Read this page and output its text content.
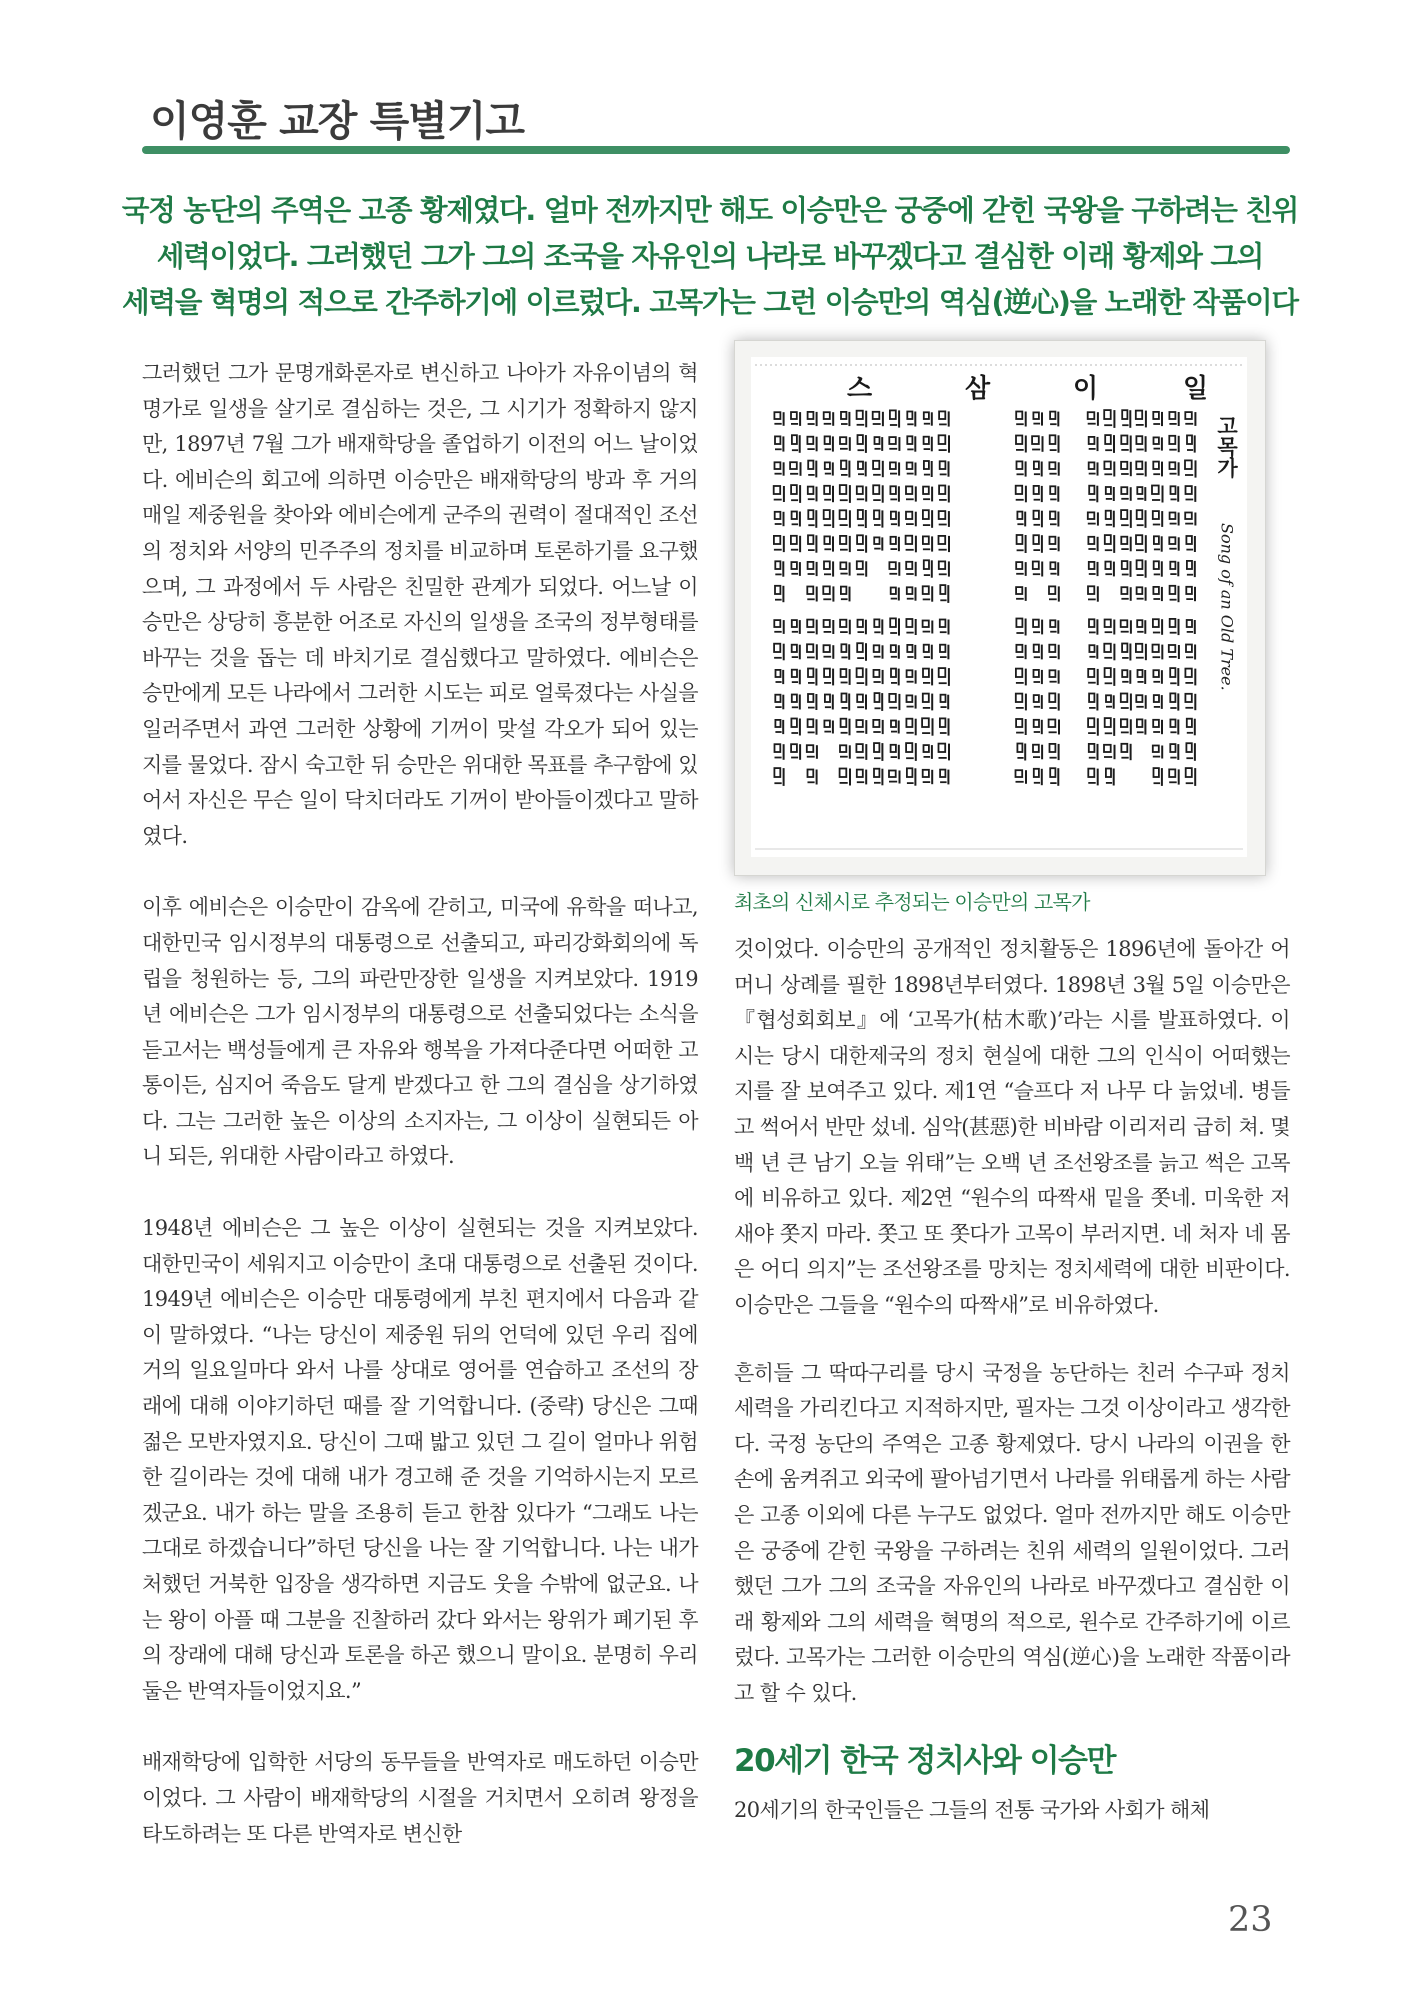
이영훈 교장 특별기고

국정 농단의 주역은 고종 황제였다. 얼마 전까지만 해도 이승만은 궁중에 갇힌 국왕을 구하려는 친위

세력이었다. 그러했던 그가 그의 조국을 자유인의 나라로 바꾸겠다고 결심한 이래 황제와 그의

세력을 혁명의 적으로 간주하기에 이르렀다. 고목가는 그런 이승만의 역심(逆心)을 노래한 작품이다

그러했던 그가 문명개화론자로 변신하고 나아가 자유이념의 혁명가로 일생을 살기로 결심하는 것은, 그 시기가 정확하지 않지만, 1897년 7월 그가 배재학당을 졸업하기 이전의 어느 날이었다. 에비슨의 회고에 의하면 이승만은 배재학당의 방과 후 거의 매일 제중원을 찾아와 에비슨에게 군주의 권력이 절대적인 조선의 정치와 서양의 민주주의 정치를 비교하며 토론하기를 요구했으며, 그 과정에서 두 사람은 친밀한 관계가 되었다. 어느날 이승만은 상당히 흥분한 어조로 자신의 일생을 조국의 정부형태를 바꾸는 것을 돕는 데 바치기로 결심했다고 말하였다. 에비슨은 승만에게 모든 나라에서 그러한 시도는 피로 얼룩졌다는 사실을 일러주면서 과연 그러한 상황에 기꺼이 맞설 각오가 되어 있는지를 물었다. 잠시 숙고한 뒤 승만은 위대한 목표를 추구함에 있어서 자신은 무슨 일이 닥치더라도 기꺼이 받아들이겠다고 말하였다.

이후 에비슨은 이승만이 감옥에 갇히고, 미국에 유학을 떠나고, 대한민국 임시정부의 대통령으로 선출되고, 파리강화회의에 독립을 청원하는 등, 그의 파란만장한 일생을 지켜보았다. 1919년 에비슨은 그가 임시정부의 대통령으로 선출되었다는 소식을 듣고서는 백성들에게 큰 자유와 행복을 가져다준다면 어떠한 고통이든, 심지어 죽음도 달게 받겠다고 한 그의 결심을 상기하였다. 그는 그러한 높은 이상의 소지자는, 그 이상이 실현되든 아니 되든, 위대한 사람이라고 하였다.

1948년 에비슨은 그 높은 이상이 실현되는 것을 지켜보았다. 대한민국이 세워지고 이승만이 초대 대통령으로 선출된 것이다. 1949년 에비슨은 이승만 대통령에게 부친 편지에서 다음과 같이 말하였다. “나는 당신이 제중원 뒤의 언덕에 있던 우리 집에 거의 일요일마다 와서 나를 상대로 영어를 연습하고 조선의 장래에 대해 이야기하던 때를 잘 기억합니다. (중략) 당신은 그때 젊은 모반자였지요. 당신이 그때 밟고 있던 그 길이 얼마나 위험한 길이라는 것에 대해 내가 경고해 준 것을 기억하시는지 모르겠군요. 내가 하는 말을 조용히 듣고 한참 있다가 “그래도 나는 그대로 하겠습니다”하던 당신을 나는 잘 기억합니다. 나는 내가 처했던 거북한 입장을 생각하면 지금도 웃을 수밖에 없군요. 나는 왕이 아플 때 그분을 진찰하러 갔다 와서는 왕위가 폐기된 후의 장래에 대해 당신과 토론을 하곤 했으니 말이요. 분명히 우리 둘은 반역자들이었지요.”

배재학당에 입학한 서당의 동무들을 반역자로 매도하던 이승만이었다. 그 사람이 배재학당의 시절을 거치면서 오히려 왕정을 타도하려는 또 다른 반역자로 변신한

스	삼	이	일
고목가
Song of an Old Tree.
최초의 신체시로 추정되는 이승만의 고목가

것이었다. 이승만의 공개적인 정치활동은 1896년에 돌아간 어머니 상례를 필한 1898년부터였다. 1898년 3월 5일 이승만은 『협성회회보』에 ‘고목가(枯木歌)’라는 시를 발표하였다. 이 시는 당시 대한제국의 정치 현실에 대한 그의 인식이 어떠했는지를 잘 보여주고 있다. 제1연 “슬프다 저 나무 다 늙었네. 병들고 썩어서 반만 섰네. 심악(甚惡)한 비바람 이리저리 급히 쳐. 몇백 년 큰 남기 오늘 위태”는 오백 년 조선왕조를 늙고 썩은 고목에 비유하고 있다. 제2연 “원수의 따짝새 밑을 쫏네. 미욱한 저 새야 쫏지 마라. 쫏고 또 쫏다가 고목이 부러지면. 네 처자 네 몸은 어디 의지”는 조선왕조를 망치는 정치세력에 대한 비판이다. 이승만은 그들을 “원수의 따짝새”로 비유하였다.

흔히들 그 딱따구리를 당시 국정을 농단하는 친러 수구파 정치세력을 가리킨다고 지적하지만, 필자는 그것 이상이라고 생각한다. 국정 농단의 주역은 고종 황제였다. 당시 나라의 이권을 한 손에 움켜쥐고 외국에 팔아넘기면서 나라를 위태롭게 하는 사람은 고종 이외에 다른 누구도 없었다. 얼마 전까지만 해도 이승만은 궁중에 갇힌 국왕을 구하려는 친위 세력의 일원이었다. 그러했던 그가 그의 조국을 자유인의 나라로 바꾸겠다고 결심한 이래 황제와 그의 세력을 혁명의 적으로, 원수로 간주하기에 이르렀다. 고목가는 그러한 이승만의 역심(逆心)을 노래한 작품이라고 할 수 있다.

20세기 한국 정치사와 이승만

20세기의 한국인들은 그들의 전통 국가와 사회가 해체

23
